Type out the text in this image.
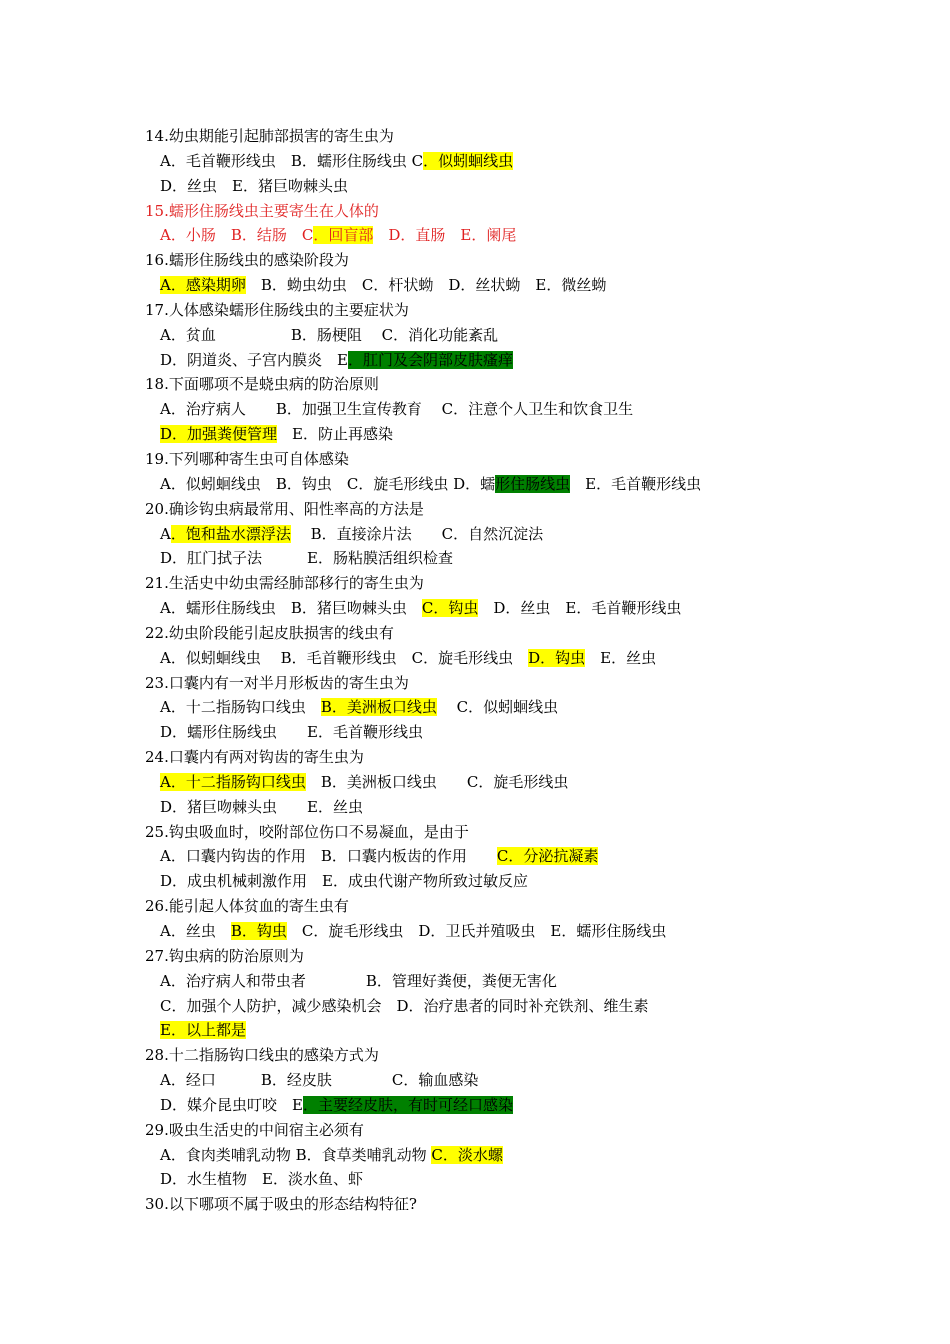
14.幼虫期能引起肺部损害的寄生虫为
A．毛首鞭形线虫　B．蠕形住肠线虫 C．似蚓蛔线虫
D．丝虫　E．猪巨吻棘头虫
15.蠕形住肠线虫主要寄生在人体的
A．小肠　B．结肠　C．回盲部　D．直肠　E．阑尾
16.蠕形住肠线虫的感染阶段为
A．感染期卵　B．蚴虫幼虫　C．杆状蚴　D．丝状蚴　E．微丝蚴
17.人体感染蠕形住肠线虫的主要症状为
A．贫血　　　　　B．肠梗阻　 C．消化功能紊乱
D．阴道炎、子宫内膜炎　E．肛门及会阴部皮肤瘙痒
18.下面哪项不是蛲虫病的防治原则
A．治疗病人　　B．加强卫生宣传教育　 C．注意个人卫生和饮食卫生
D．加强粪便管理　E．防止再感染
19.下列哪种寄生虫可自体感染
A．似蚓蛔线虫　B．钩虫　C．旋毛形线虫 D．蠕形住肠线虫　E．毛首鞭形线虫
20.确诊钩虫病最常用、阳性率高的方法是
A．饱和盐水漂浮法　 B．直接涂片法　　C．自然沉淀法
D．肛门拭子法　　　E．肠粘膜活组织检查
21.生活史中幼虫需经肺部移行的寄生虫为
A．蠕形住肠线虫　B．猪巨吻棘头虫　C．钩虫　D．丝虫　E．毛首鞭形线虫
22.幼虫阶段能引起皮肤损害的线虫有
A．似蚓蛔线虫　 B．毛首鞭形线虫　C．旋毛形线虫　D．钩虫　E．丝虫
23.口囊内有一对半月形板齿的寄生虫为
A．十二指肠钩口线虫　B．美洲板口线虫　 C．似蚓蛔线虫
D．蠕形住肠线虫　　E．毛首鞭形线虫
24.口囊内有两对钩齿的寄生虫为
A．十二指肠钩口线虫　B．美洲板口线虫　　C．旋毛形线虫
D．猪巨吻棘头虫　　E．丝虫
25.钩虫吸血时，咬附部位伤口不易凝血，是由于
A．口囊内钩齿的作用　B．口囊内板齿的作用　　C．分泌抗凝素
D．成虫机械刺激作用　E．成虫代谢产物所致过敏反应
26.能引起人体贫血的寄生虫有
A．丝虫　B．钩虫　C．旋毛形线虫　D．卫氏并殖吸虫　E．蠕形住肠线虫
27.钩虫病的防治原则为
A．治疗病人和带虫者　　　　B．管理好粪便，粪便无害化
C．加强个人防护，减少感染机会　D．治疗患者的同时补充铁剂、维生素
E．以上都是
28.十二指肠钩口线虫的感染方式为
A．经口　　　B．经皮肤　　　　C．输血感染
D．媒介昆虫叮咬　E．主要经皮肤，有时可经口感染
29.吸虫生活史的中间宿主必须有
A．食肉类哺乳动物 B．食草类哺乳动物 C．淡水螺
D．水生植物　E．淡水鱼、虾
30.以下哪项不属于吸虫的形态结构特征?
